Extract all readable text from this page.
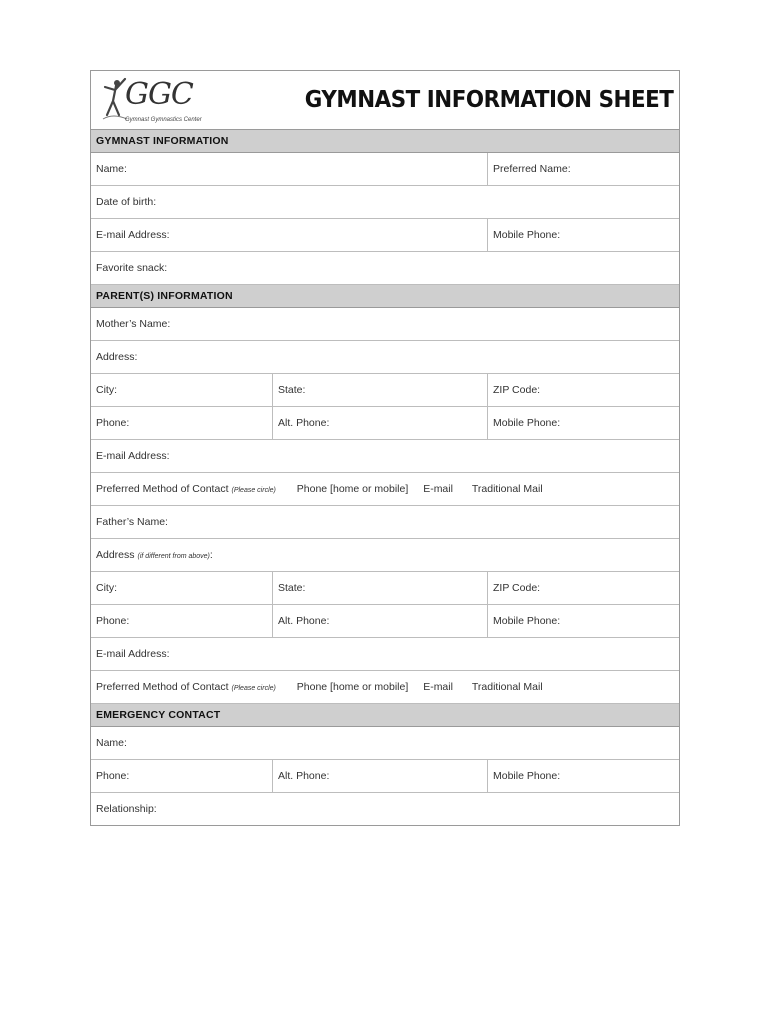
GGC
Gymnast Gymnastics Center
GYMNAST INFORMATION SHEET
GYMNAST INFORMATION
Name:	Preferred Name:
Date of birth:
E-mail Address:	Mobile Phone:
Favorite snack:
PARENT(S) INFORMATION
Mother’s Name:
Address:
City:	State:	ZIP Code:
Phone:	Alt. Phone:	Mobile Phone:
E-mail Address:
Preferred Method of Contact (Please circle) Phone [home or mobile] E-mail Traditional Mail
Father’s Name:
Address (if different from above):
City:	State:	ZIP Code:
Phone:	Alt. Phone:	Mobile Phone:
E-mail Address:
Preferred Method of Contact (Please circle) Phone [home or mobile] E-mail Traditional Mail
EMERGENCY CONTACT
Name:
Phone:	Alt. Phone:	Mobile Phone:
Relationship:
